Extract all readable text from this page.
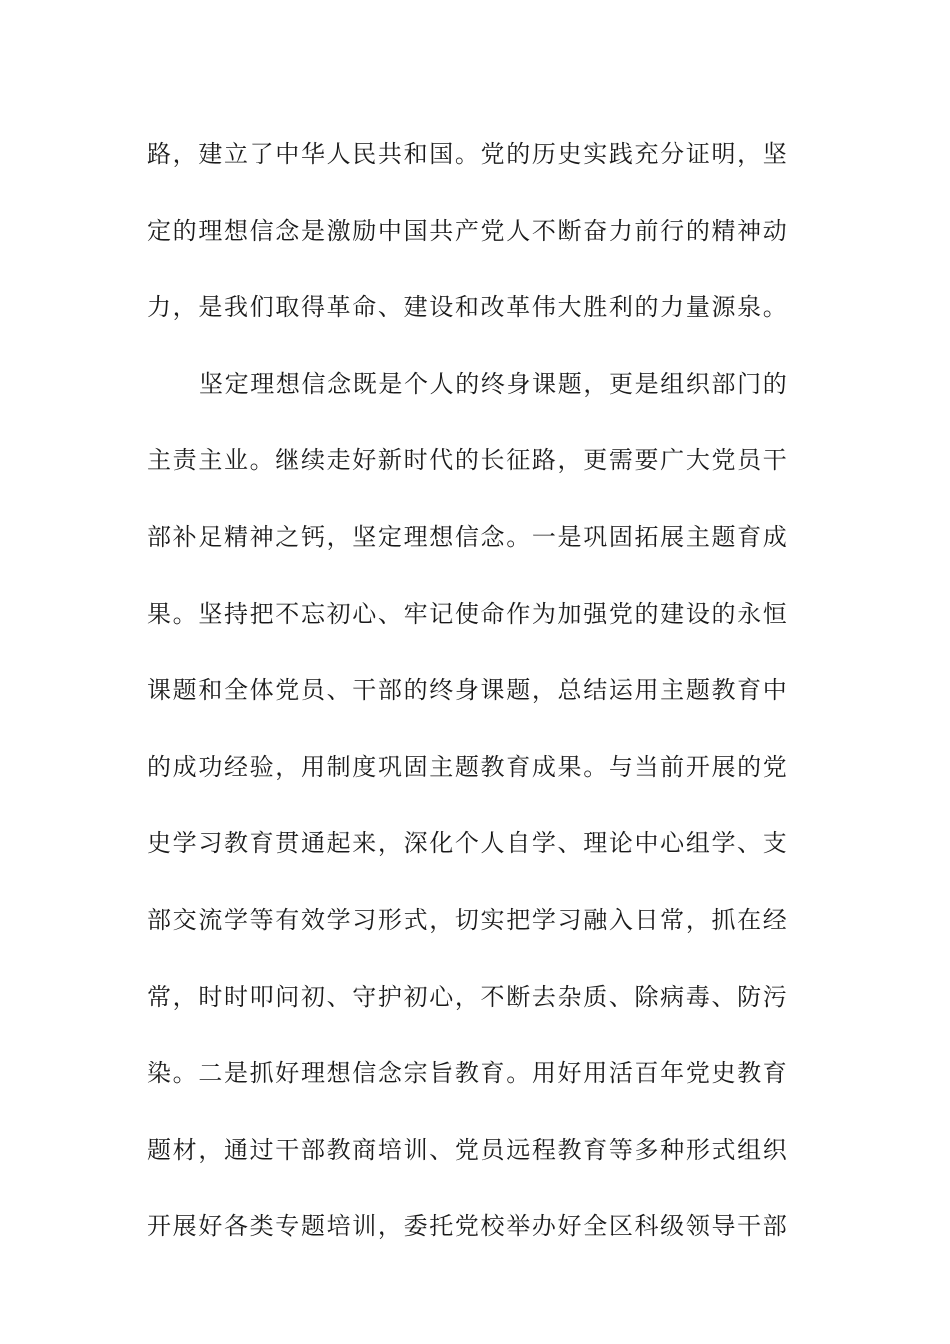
路，建立了中华人民共和国。党的历史实践充分证明，坚
定的理想信念是激励中国共产党人不断奋力前行的精神动
力，是我们取得革命、建设和改革伟大胜利的力量源泉。
坚定理想信念既是个人的终身课题，更是组织部门的
主责主业。继续走好新时代的长征路，更需要广大党员干
部补足精神之钙，坚定理想信念。一是巩固拓展主题育成
果。坚持把不忘初心、牢记使命作为加强党的建设的永恒
课题和全体党员、干部的终身课题，总结运用主题教育中
的成功经验，用制度巩固主题教育成果。与当前开展的党
史学习教育贯通起来，深化个人自学、理论中心组学、支
部交流学等有效学习形式，切实把学习融入日常，抓在经
常，时时叩问初、守护初心，不断去杂质、除病毒、防污
染。二是抓好理想信念宗旨教育。用好用活百年党史教育
题材，通过干部教商培训、党员远程教育等多种形式组织
开展好各类专题培训，委托党校举办好全区科级领导干部
